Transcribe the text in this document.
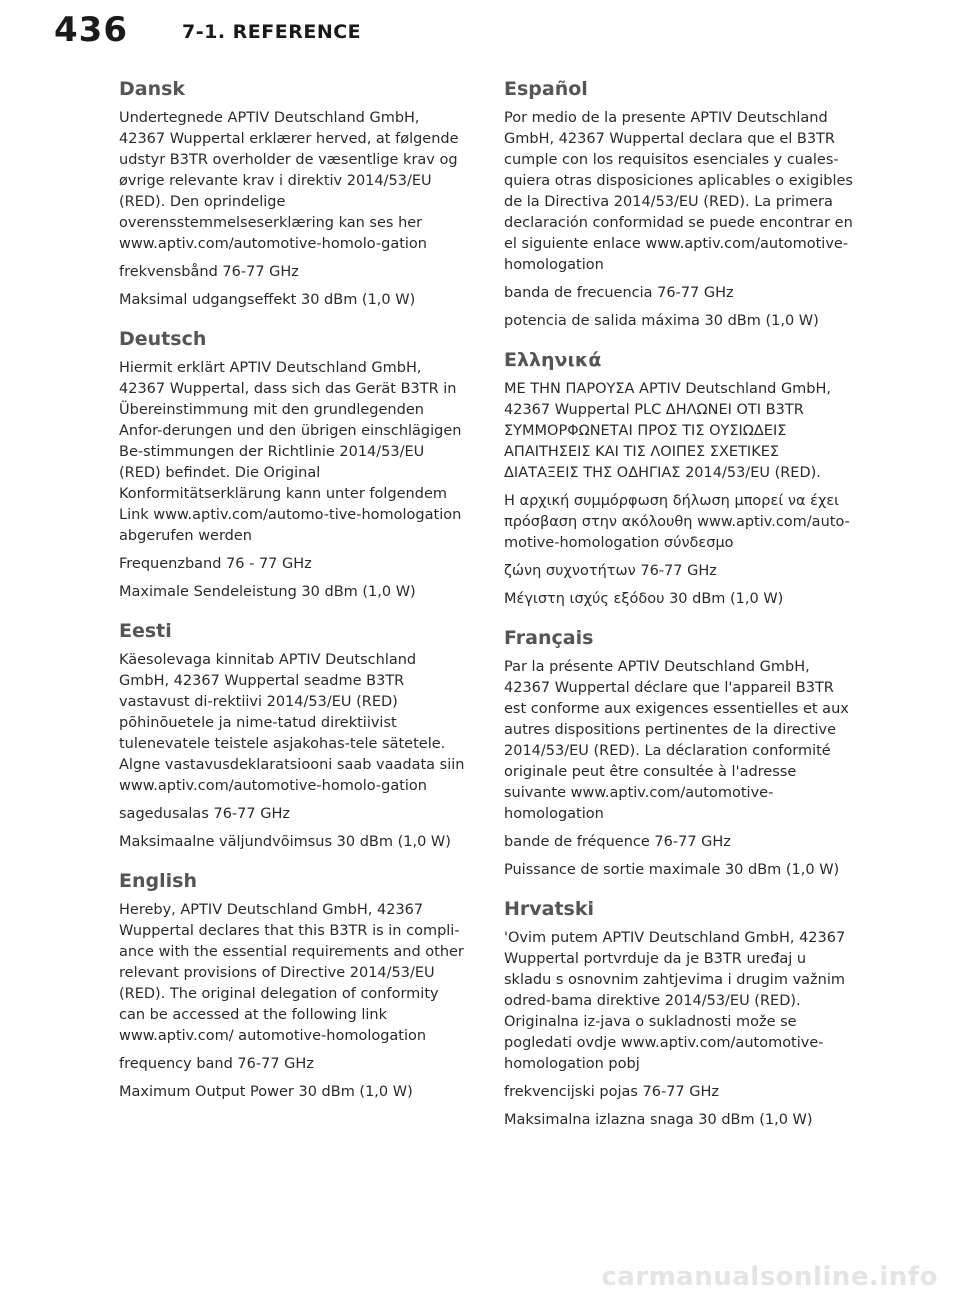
436	7-1. REFERENCE
Dansk

Undertegnede APTIV Deutschland GmbH, 42367 Wuppertal erklærer herved, at følgende udstyr B3TR overholder de væsentlige krav og øvrige relevante krav i direktiv 2014/53/EU (RED). Den oprindelige overensstemmelseserklæring kan ses her www.aptiv.com/automotive-homolo-gation

frekvensbånd 76-77 GHz

Maksimal udgangseffekt 30 dBm (1,0 W)

Deutsch

Hiermit erklärt APTIV Deutschland GmbH, 42367 Wuppertal, dass sich das Gerät B3TR in Übereinstimmung mit den grundlegenden Anfor-derungen und den übrigen einschlägigen Be-stimmungen der Richtlinie 2014/53/EU (RED) befindet. Die Original Konformitätserklärung kann unter folgendem Link www.aptiv.com/automo-tive-homologation abgerufen werden

Frequenzband 76 - 77 GHz

Maximale Sendeleistung 30 dBm (1,0 W)

Eesti

Käesolevaga kinnitab APTIV Deutschland GmbH, 42367 Wuppertal seadme B3TR vastavust di-rektiivi 2014/53/EU (RED) põhinõuetele ja nime-tatud direktiivist tulenevatele teistele asjakohas-tele sätetele. Algne vastavusdeklaratsiooni saab vaadata siin www.aptiv.com/automotive-homolo-gation

sagedusalas 76-77 GHz

Maksimaalne väljundvõimsus 30 dBm (1,0 W)

English

Hereby, APTIV Deutschland GmbH, 42367 Wuppertal declares that this B3TR is in compli-ance with the essential requirements and other relevant provisions of Directive 2014/53/EU (RED). The original delegation of conformity can be accessed at the following link www.aptiv.com/ automotive-homologation

frequency band 76-77 GHz

Maximum Output Power 30 dBm (1,0 W)

Español

Por medio de la presente APTIV Deutschland GmbH, 42367 Wuppertal declara que el B3TR cumple con los requisitos esenciales y cuales-quiera otras disposiciones aplicables o exigibles de la Directiva 2014/53/EU (RED). La primera declaración conformidad se puede encontrar en el siguiente enlace www.aptiv.com/automotive-homologation

banda de frecuencia 76-77 GHz

potencia de salida máxima 30 dBm (1,0 W)

Ελληνικά

ΜΕ ΤΗΝ ΠΑΡΟΥΣΑ APTIV Deutschland GmbH, 42367 Wuppertal PLC ΔΗΛΩΝΕΙ ΟΤΙ B3TR ΣΥΜΜΟΡΦΩΝΕΤΑΙ ΠΡΟΣ ΤΙΣ ΟΥΣΙΩΔΕΙΣ ΑΠΑΙΤΗΣΕΙΣ ΚΑΙ ΤΙΣ ΛΟΙΠΕΣ ΣΧΕΤΙΚΕΣ ΔΙΑΤΑΞΕΙΣ ΤΗΣ ΟΔΗΓΙΑΣ 2014/53/EU (RED).

Η αρχική συμμόρφωση δήλωση μπορεί να έχει πρόσβαση στην ακόλουθη www.aptiv.com/auto-motive-homologation σύνδεσμο

ζώνη συχνοτήτων 76-77 GHz

Μέγιστη ισχύς εξόδου 30 dBm (1,0 W)

Français

Par la présente APTIV Deutschland GmbH, 42367 Wuppertal déclare que l'appareil B3TR est conforme aux exigences essentielles et aux autres dispositions pertinentes de la directive 2014/53/EU (RED). La déclaration conformité originale peut être consultée à l'adresse suivante www.aptiv.com/automotive-homologation

bande de fréquence 76-77 GHz

Puissance de sortie maximale 30 dBm (1,0 W)

Hrvatski

'Ovim putem APTIV Deutschland GmbH, 42367 Wuppertal portvrduje da je B3TR uređaj u skladu s osnovnim zahtjevima i drugim važnim odred-bama direktive 2014/53/EU (RED). Originalna iz-java o sukladnosti može se pogledati ovdje www.aptiv.com/automotive-homologation pobj

frekvencijski pojas 76-77 GHz

Maksimalna izlazna snaga 30 dBm (1,0 W)

carmanualsonline.info
